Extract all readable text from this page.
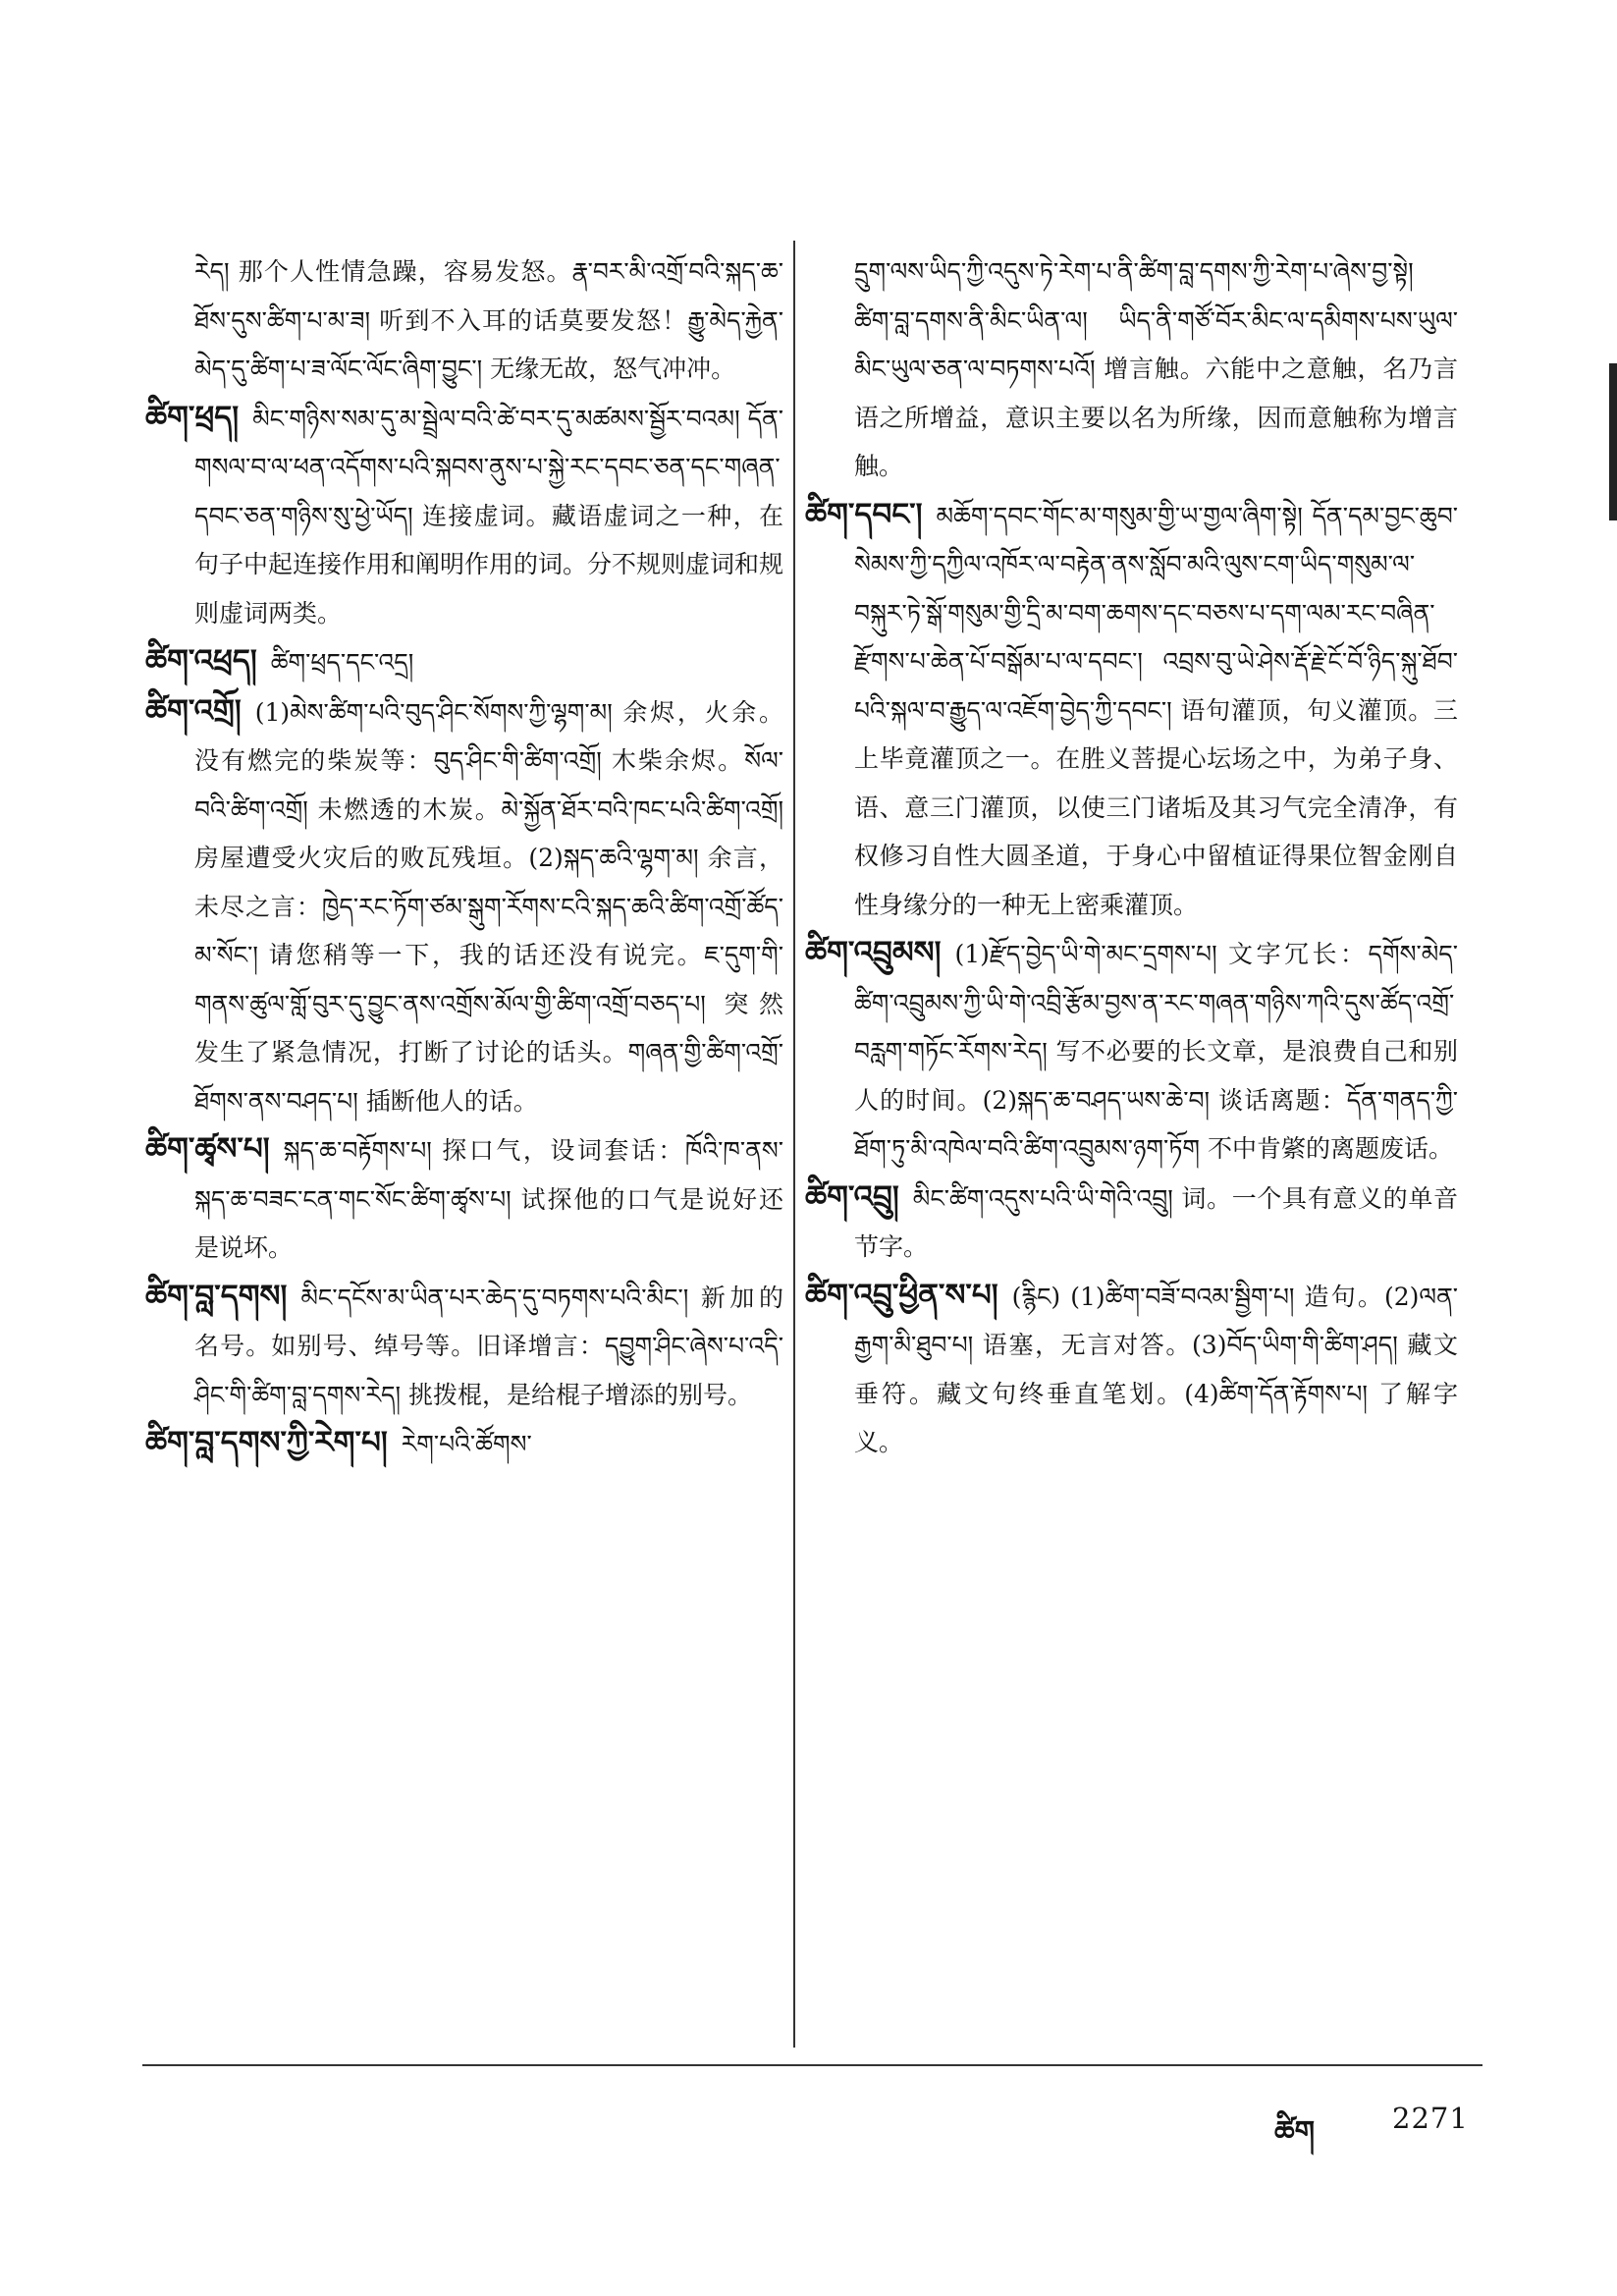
རེད། 那个人性情急躁，容易发怒。རྣ་བར་མི་འགྲོ་བའི་སྐད་ཆ་ཐོས་དུས་ཚིག་པ་མ་ཟ། 听到不入耳的话莫要发怒！རྒྱུ་མེད་རྐྱེན་མེད་དུ་ཚིག་པ་ཟ་ལོང་ལོང་ཞིག་བྱུང་། 无缘无故，怒气冲冲。

ཚིག་ཕྲད། མིང་གཉིས་སམ་དུ་མ་སྦྲེལ་བའི་ཚེ་བར་དུ་མཚམས་སྦྱོར་བའམ། དོན་གསལ་བ་ལ་ཕན་འདོགས་པའི་སྐབས་ནུས་པ་སྐྱེ་རང་དབང་ཅན་དང་གཞན་དབང་ཅན་གཉིས་སུ་ཕྱེ་ཡོད། 连接虚词。藏语虚词之一种，在句子中起连接作用和阐明作用的词。分不规则虚词和规则虚词两类。

ཚིག་འཕྲད། ཚིག་ཕྲད་དང་འདྲ།

ཚིག་འགྲོ། (1)མེས་ཚིག་པའི་བུད་ཤིང་སོགས་ཀྱི་ལྷག་མ། 余烬，火余。没有燃完的柴炭等：བུད་ཤིང་གི་ཚིག་འགྲོ། 木柴余烬。སོལ་བའི་ཚིག་འགྲོ། 未燃透的木炭。མེ་སྐྱོན་ཐོར་བའི་ཁང་པའི་ཚིག་འགྲོ། 房屋遭受火灾后的败瓦残垣。(2)སྐད་ཆའི་ལྷག་མ། 余言，未尽之言：ཁྱེད་རང་ཏོག་ཙམ་སྒུག་རོགས་ངའི་སྐད་ཆའི་ཚིག་འགྲོ་ཚོད་མ་སོང་། 请您稍等一下，我的话还没有说完。ཇ་དུག་གི་གནས་ཚུལ་གློ་བུར་དུ་བྱུང་ནས་འགྲོས་མོལ་གྱི་ཚིག་འགྲོ་བཅད་པ། 突然发生了紧急情况，打断了讨论的话头。གཞན་གྱི་ཚིག་འགྲོ་ཐོགས་ནས་བཤད་པ། 插断他人的话。

ཚིག་ཚྭས་པ། སྐད་ཆ་བརྟོགས་པ། 探口气，设词套话：ཁོའི་ཁ་ནས་སྐད་ཆ་བཟང་ངན་གང་སོང་ཚིག་ཚྭས་པ། 试探他的口气是说好还是说坏。

ཚིག་བླ་དགས། མིང་དངོས་མ་ཡིན་པར་ཆེད་དུ་བཏགས་པའི་མིང་། 新加的名号。如别号、绰号等。旧译增言：དབྱུག་ཤིང་ཞེས་པ་འདི་ཤིང་གི་ཚིག་བླ་དགས་རེད། 挑拨棍，是给棍子增添的别号。

ཚིག་བླ་དགས་ཀྱི་རེག་པ། རེག་པའི་ཚོགས་

དྲུག་ལས་ཡིད་ཀྱི་འདུས་ཏེ་རེག་པ་ནི་ཚིག་བླ་དགས་ཀྱི་རེག་པ་ཞེས་བྱ་སྟེ། ཚིག་བླ་དགས་ནི་མིང་ཡིན་ལ། ཡིད་ནི་གཙོ་བོར་མིང་ལ་དམིགས་པས་ཡུལ་མིང་ཡུལ་ཅན་ལ་བཏགས་པའོ། 增言触。六能中之意触，名乃言语之所增益，意识主要以名为所缘，因而意触称为增言触。

ཚིག་དབང་། མཆོག་དབང་གོང་མ་གསུམ་གྱི་ཡ་གྱལ་ཞིག་སྟེ། དོན་དམ་བྱང་ཆུབ་སེམས་ཀྱི་དཀྱིལ་འཁོར་ལ་བརྟེན་ནས་སློབ་མའི་ལུས་ངག་ཡིད་གསུམ་ལ་བསྐུར་ཏེ་སྒོ་གསུམ་གྱི་དྲི་མ་བག་ཆགས་དང་བཅས་པ་དག་ལམ་རང་བཞིན་རྫོགས་པ་ཆེན་པོ་བསྒོམ་པ་ལ་དབང་། འབྲས་བུ་ཡེ་ཤེས་རྡོ་རྗེ་ངོ་བོ་ཉིད་སྐུ་ཐོབ་པའི་སྐལ་བ་རྒྱུད་ལ་འཇོག་བྱེད་ཀྱི་དབང་། 语句灌顶，句义灌顶。三上毕竟灌顶之一。在胜义菩提心坛场之中，为弟子身、语、意三门灌顶，以使三门诸垢及其习气完全清净，有权修习自性大圆圣道，于身心中留植证得果位智金刚自性身缘分的一种无上密乘灌顶。

ཚིག་འབྲུམས། (1)རྫོད་བྱེད་ཡི་གེ་མང་དྲགས་པ། 文字冗长：དགོས་མེད་ཚིག་འབྲུམས་ཀྱི་ཡི་གེ་འབྲི་རྩོམ་བྱས་ན་རང་གཞན་གཉིས་ཀའི་དུས་ཚོད་འགྲོ་བརླག་གཏོང་རོགས་རེད། 写不必要的长文章，是浪费自己和别人的时间。(2)སྐད་ཆ་བཤད་ཡས་ཆེ་བ། 谈话离题：དོན་གནད་ཀྱི་ཐོག་ཏུ་མི་འཁེལ་བའི་ཚིག་འབྲུམས་ཉག་ཏོག 不中肯綮的离题废话。

ཚིག་འབྲུ། མིང་ཚིག་འདུས་པའི་ཡི་གེའི་འབྲུ། 词。一个具有意义的单音节字。

ཚིག་འབྲུ་ཕྱིན་ས་པ། (རྙིང) (1)ཚིག་བཟོ་བའམ་སྦྱིག་པ། 造句。(2)ལན་རྒྱག་མི་ཐུབ་པ། 语塞，无言对答。(3)བོད་ཡིག་གི་ཚིག་ཤད། 藏文垂符。藏文句终垂直笔划。(4)ཚིག་དོན་རྟོགས་པ། 了解字义。

ཚིག	2271
